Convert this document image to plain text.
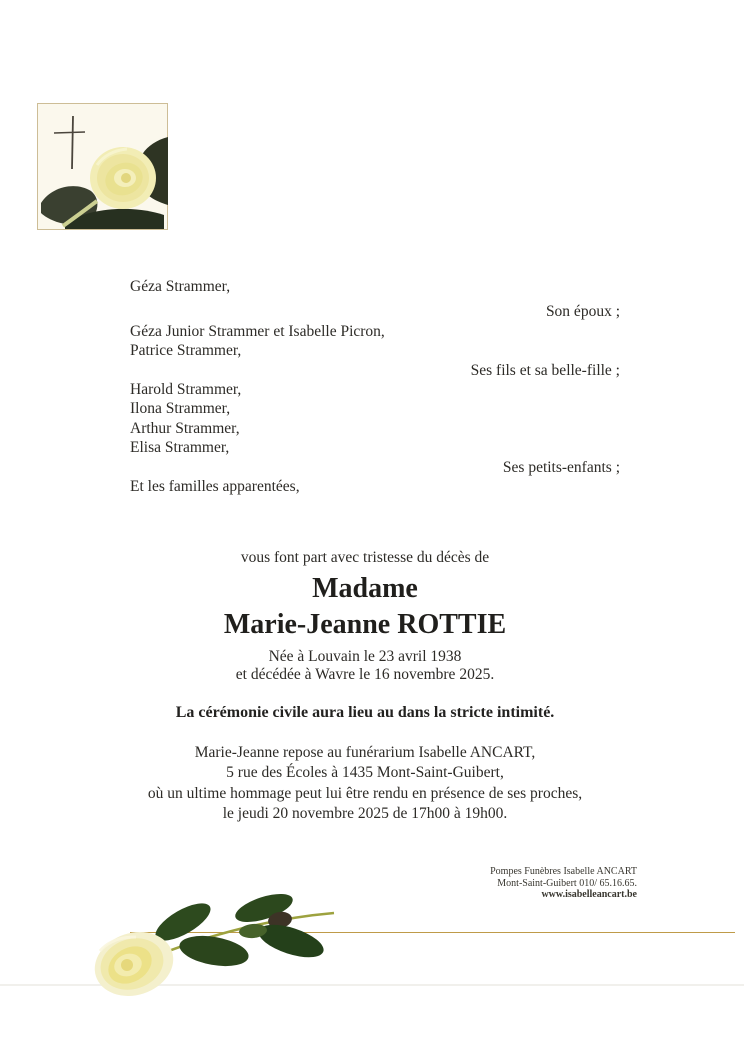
Géza Strammer,
Son époux ;
Géza Junior Strammer et Isabelle Picron,
Patrice Strammer,
Ses fils et sa belle-fille ;
Harold Strammer,
Ilona Strammer,
Arthur Strammer,
Elisa Strammer,
Ses petits-enfants ;
Et les familles apparentées,
vous font part avec tristesse du décès de
Madame
Marie-Jeanne ROTTIE
Née à Louvain le 23 avril 1938
et décédée à Wavre le 16 novembre 2025.
La cérémonie civile aura lieu au dans la stricte intimité.
Marie-Jeanne repose au funérarium Isabelle ANCART,
5 rue des Écoles à 1435 Mont-Saint-Guibert,
où un ultime hommage peut lui être rendu en présence de ses proches,
le jeudi 20 novembre 2025 de 17h00 à 19h00.
Pompes Funèbres Isabelle ANCART
Mont-Saint-Guibert 010/ 65.16.65.
www.isabelleancart.be
